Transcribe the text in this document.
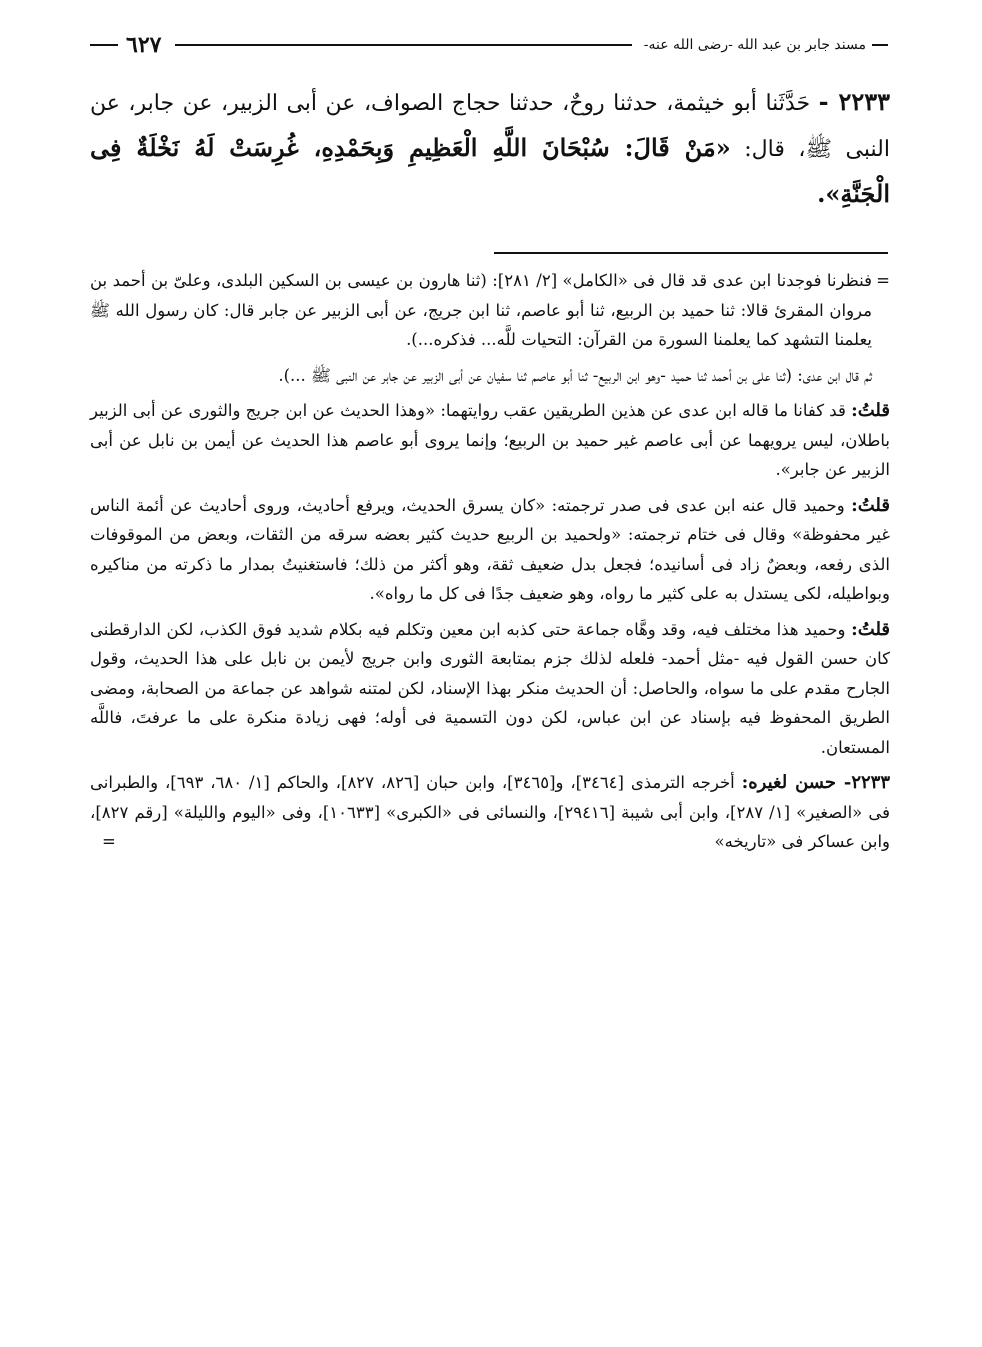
٦٢٧	مسند جابر بن عبد الله -رضى الله عنه-
٢٢٣٣ - حَدَّثَنا أبو خيثمة، حدثنا روحٌ، حدثنا حجاج الصواف، عن أبى الزبير، عن جابر، عن النبى ﷺ، قال: «مَنْ قَالَ: سُبْحَانَ اللَّهِ الْعَظِيمِ وَبِحَمْدِهِ، غُرِسَتْ لَهُ نَخْلَةٌ فِى الْجَنَّةِ».

=
فنظرنا فوجدنا ابن عدى قد قال فى «الكامل» [٢/ ٢٨١]: (ثنا هارون بن عيسى بن السكين البلدى، وعلىّ بن أحمد بن مروان المقرئ قالا: ثنا حميد بن الربيع، ثنا أبو عاصم، ثنا ابن جريج، عن أبى الزبير عن جابر قال: كان رسول الله ﷺ يعلمنا التشهد كما يعلمنا السورة من القرآن: التحيات للَّه... فذكره...).

ثم قال ابن عدى: (ثنا على بن أحمد ثنا حميد -وهو ابن الربيع- ثنا أبو عاصم ثنا سفيان عن أبى الزبير عن جابر عن النبى ﷺ ...).

قلتُ: قد كفانا ما قاله ابن عدى عن هذين الطريقين عقب روايتهما: «وهذا الحديث عن ابن جريج والثورى عن أبى الزبير باطلان، ليس يرويهما عن أبى عاصم غير حميد بن الربيع؛ وإنما يروى أبو عاصم هذا الحديث عن أيمن بن نابل عن أبى الزبير عن جابر».

قلتُ: وحميد قال عنه ابن عدى فى صدر ترجمته: «كان يسرق الحديث، ويرفع أحاديث، وروى أحاديث عن أئمة الناس غير محفوظة» وقال فى ختام ترجمته: «ولحميد بن الربيع حديث كثير بعضه سرقه من الثقات، وبعض من الموقوفات الذى رفعه، وبعضٌ زاد فى أسانيده؛ فجعل بدل ضعيف ثقة، وهو أكثر من ذلك؛ فاستغنيتُ بمدار ما ذكرته من مناكيره وبواطيله، لكى يستدل به على كثير ما رواه، وهو ضعيف جدًا فى كل ما رواه».

قلتُ: وحميد هذا مختلف فيه، وقد وهَّاه جماعة حتى كذبه ابن معين وتكلم فيه بكلام شديد فوق الكذب، لكن الدارقطنى كان حسن القول فيه -مثل أحمد- فلعله لذلك جزم بمتابعة الثورى وابن جريج لأيمن بن نابل على هذا الحديث، وقول الجارح مقدم على ما سواه، والحاصل: أن الحديث منكر بهذا الإسناد، لكن لمتنه شواهد عن جماعة من الصحابة، ومضى الطريق المحفوظ فيه بإسناد عن ابن عباس، لكن دون التسمية فى أوله؛ فهى زيادة منكرة على ما عرفتَ، فاللَّه المستعان.

٢٢٣٣- حسن لغيره: أخرجه الترمذى [٣٤٦٤]، و[٣٤٦٥]، وابن حبان [٨٢٦، ٨٢٧]، والحاكم [١/ ٦٨٠، ٦٩٣]، والطبرانى فى «الصغير» [١/ ٢٨٧]، وابن أبى شيبة [٢٩٤١٦]، والنسائى فى «الكبرى» [١٠٦٣٣]، وفى «اليوم والليلة» [رقم ٨٢٧]، وابن عساكر فى «تاريخه»
=
